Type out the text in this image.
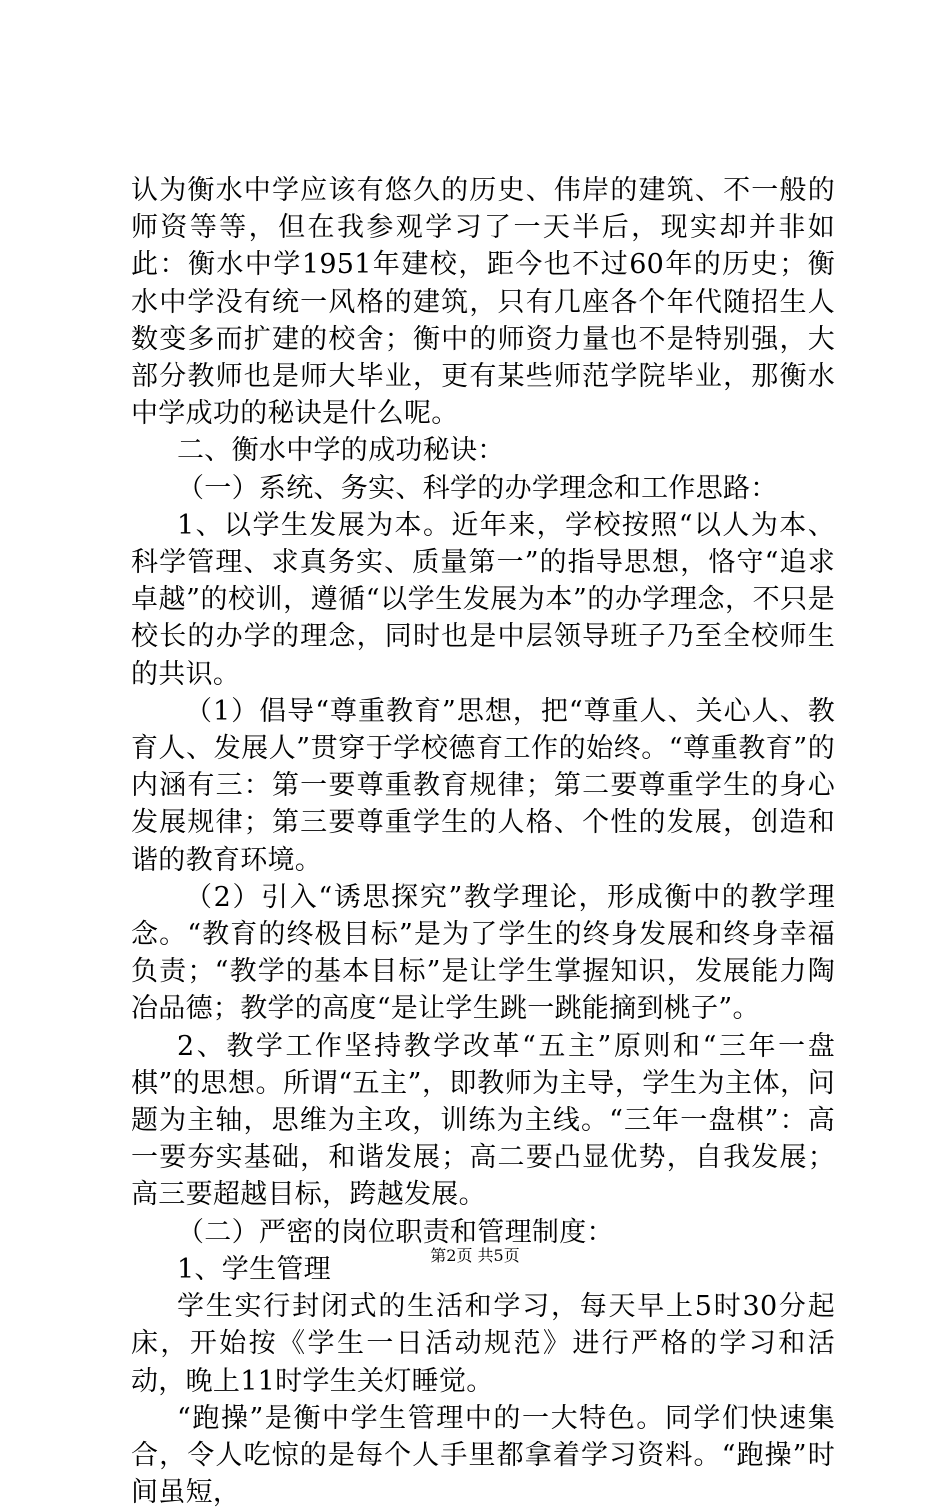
认为衡水中学应该有悠久的历史、伟岸的建筑、不一般的师资等等，但在我参观学习了一天半后，现实却并非如此：衡水中学1951年建校，距今也不过60年的历史；衡水中学没有统一风格的建筑，只有几座各个年代随招生人数变多而扩建的校舍；衡中的师资力量也不是特别强，大部分教师也是师大毕业，更有某些师范学院毕业，那衡水中学成功的秘诀是什么呢。

二、衡水中学的成功秘诀：

（一）系统、务实、科学的办学理念和工作思路：

1、以学生发展为本。近年来，学校按照“以人为本、科学管理、求真务实、质量第一”的指导思想，恪守“追求卓越”的校训，遵循“以学生发展为本”的办学理念，不只是校长的办学的理念，同时也是中层领导班子乃至全校师生的共识。

（1）倡导“尊重教育”思想，把“尊重人、关心人、教育人、发展人”贯穿于学校德育工作的始终。“尊重教育”的内涵有三：第一要尊重教育规律；第二要尊重学生的身心发展规律；第三要尊重学生的人格、个性的发展，创造和谐的教育环境。

（2）引入“诱思探究”教学理论，形成衡中的教学理念。“教育的终极目标”是为了学生的终身发展和终身幸福负责；“教学的基本目标”是让学生掌握知识，发展能力陶冶品德；教学的高度“是让学生跳一跳能摘到桃子”。

2、教学工作坚持教学改革“五主”原则和“三年一盘棋”的思想。所谓“五主”，即教师为主导，学生为主体，问题为主轴，思维为主攻，训练为主线。“三年一盘棋”：高一要夯实基础，和谐发展；高二要凸显优势，自我发展；高三要超越目标，跨越发展。

（二）严密的岗位职责和管理制度：

1、学生管理

学生实行封闭式的生活和学习，每天早上5时30分起床，开始按《学生一日活动规范》进行严格的学习和活动，晚上11时学生关灯睡觉。

“跑操”是衡中学生管理中的一大特色。同学们快速集合，令人吃惊的是每个人手里都拿着学习资料。“跑操”时间虽短，

第2页 共5页
